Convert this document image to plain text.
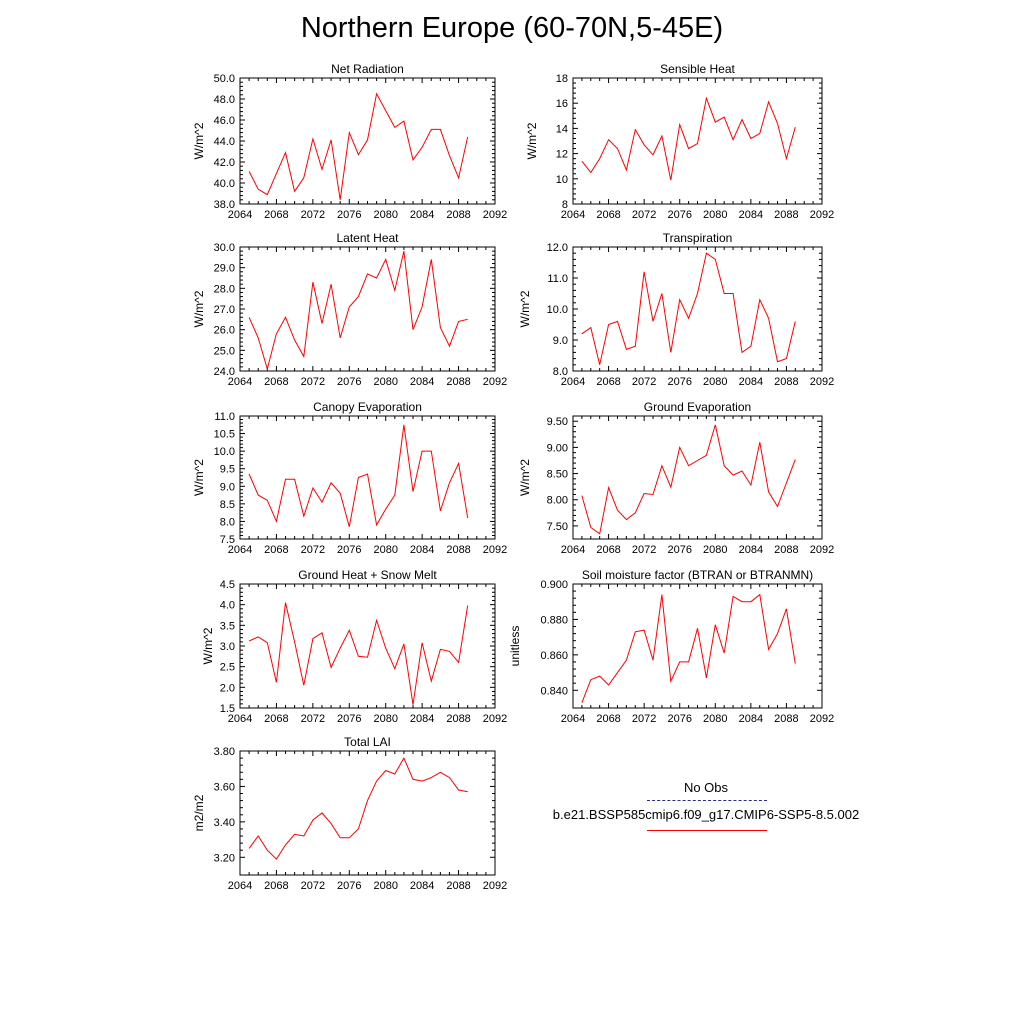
Northern Europe (60-70N,5-45E)
2064 2068 2072 2076 2080 2084 2088 2092
38.0
40.0
42.0
44.0
46.0
48.0
50.0
Net Radiation
W/m^2
2064 2068 2072 2076 2080 2084 2088 2092
8
10
12
14
16
18
Sensible Heat
W/m^2
2064 2068 2072 2076 2080 2084 2088 2092
24.0
25.0
26.0
27.0
28.0
29.0
30.0
Latent Heat
W/m^2
2064 2068 2072 2076 2080 2084 2088 2092
8.0
9.0
10.0
11.0
12.0
Transpiration
W/m^2
2064 2068 2072 2076 2080 2084 2088 2092
7.5
8.0
8.5
9.0
9.5
10.0
10.5
11.0
Canopy Evaporation
W/m^2
2064 2068 2072 2076 2080 2084 2088 2092
7.50
8.00
8.50
9.00
9.50
Ground Evaporation
W/m^2
2064 2068 2072 2076 2080 2084 2088 2092
1.5
2.0
2.5
3.0
3.5
4.0
4.5
Ground Heat + Snow Melt
W/m^2
2064 2068 2072 2076 2080 2084 2088 2092
0.840
0.860
0.880
0.900
Soil moisture factor (BTRAN or BTRANMN)
unitless
2064 2068 2072 2076 2080 2084 2088 2092
3.20
3.40
3.60
3.80
Total LAI
m2/m2
No Obs
b.e21.BSSP585cmip6.f09_g17.CMIP6-SSP5-8.5.002
